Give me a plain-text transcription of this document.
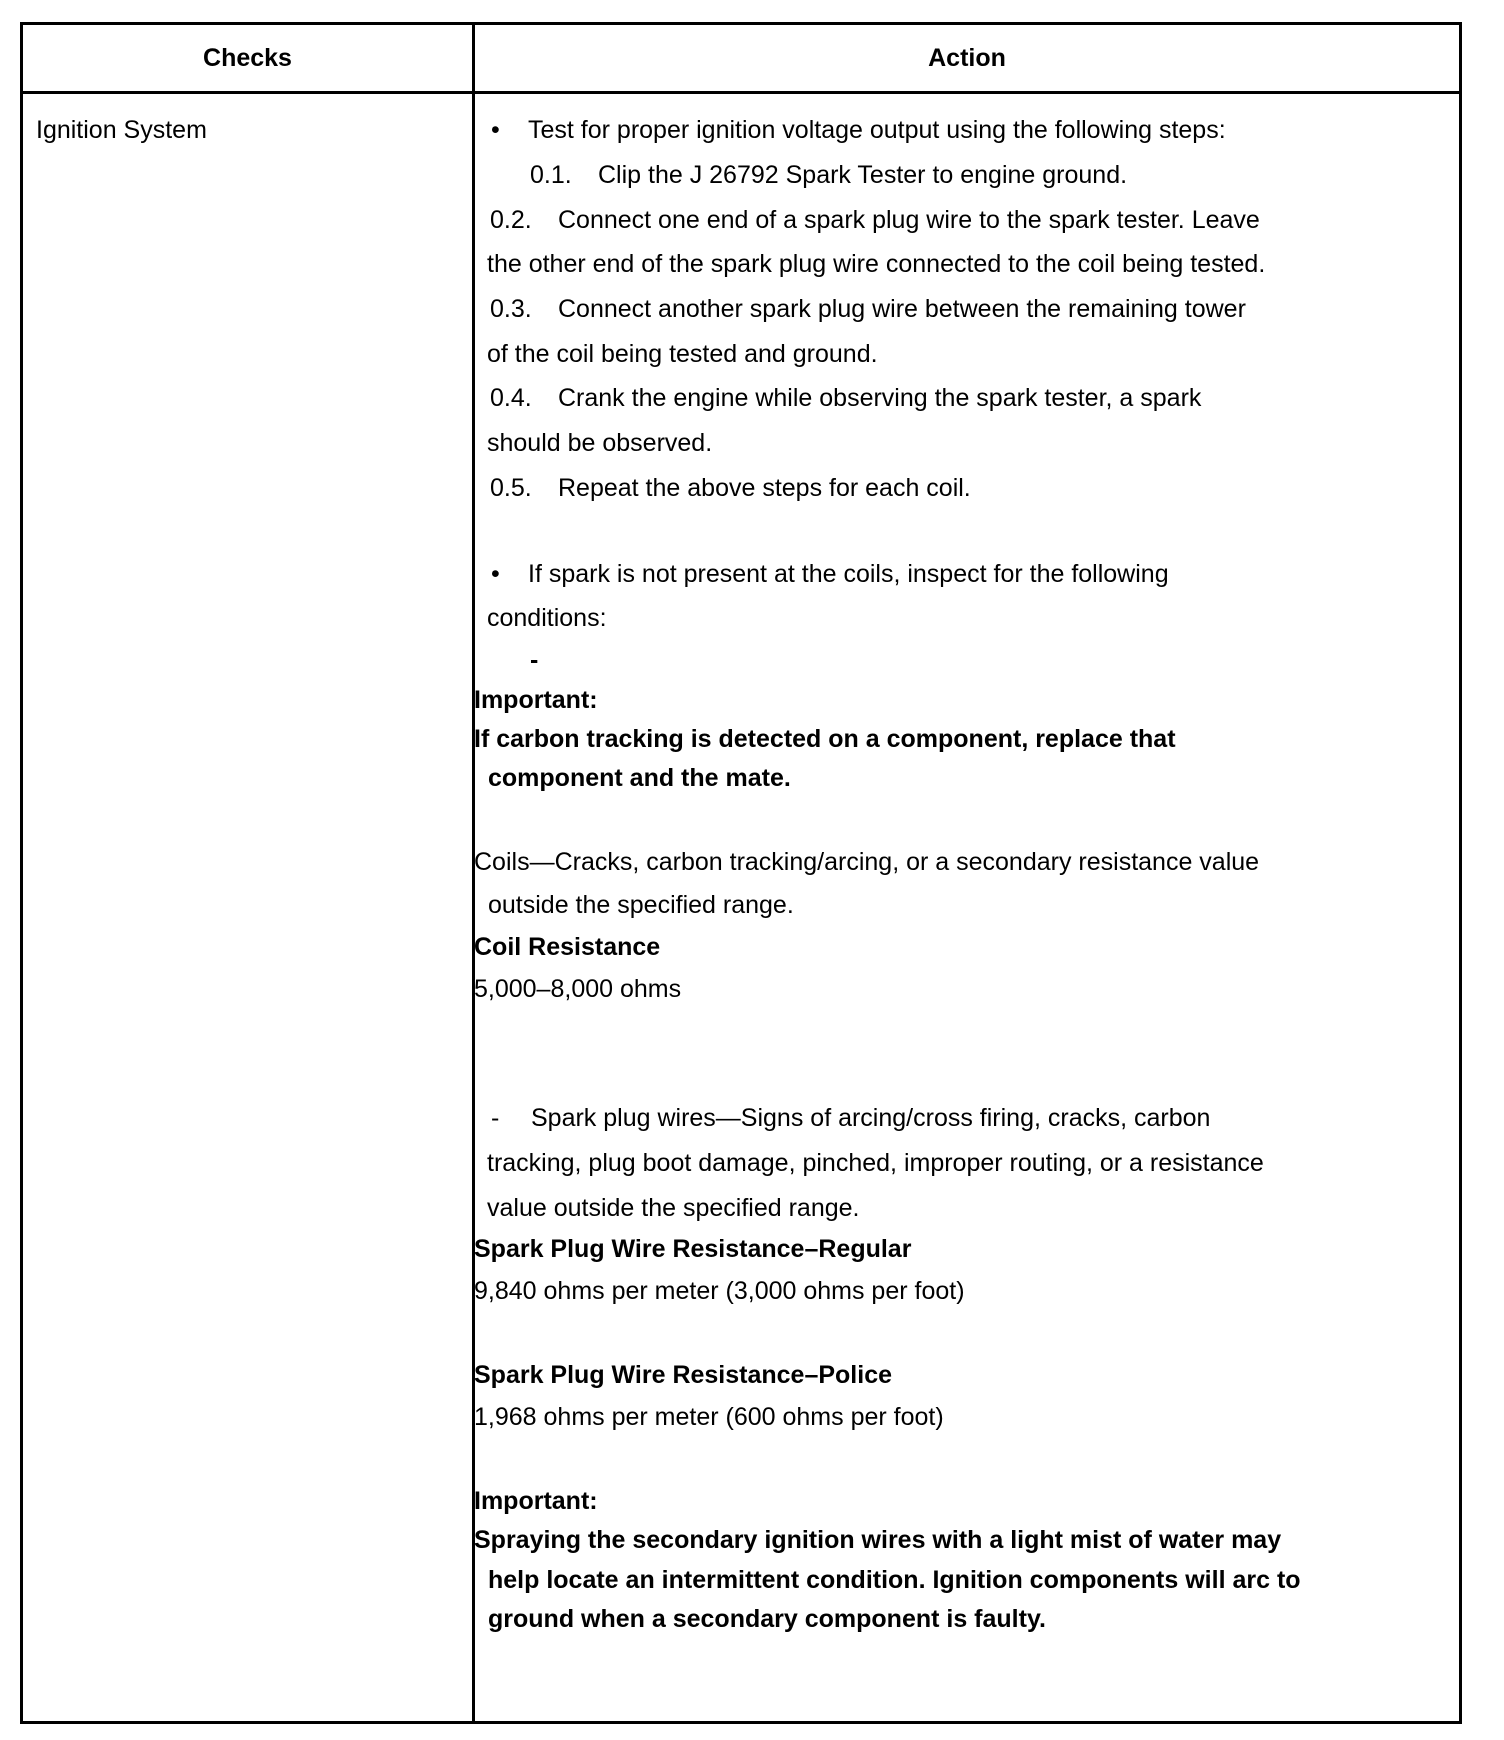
Checks	Action
Ignition System	• Test for proper ignition voltage output using the following steps:
0.1. Clip the J 26792 Spark Tester to engine ground.
0.2. Connect one end of a spark plug wire to the spark tester. Leave
the other end of the spark plug wire connected to the coil being tested.
0.3. Connect another spark plug wire between the remaining tower
of the coil being tested and ground.
0.4. Crank the engine while observing the spark tester, a spark
should be observed.
0.5. Repeat the above steps for each coil.
• If spark is not present at the coils, inspect for the following
conditions:
-
Important:
If carbon tracking is detected on a component, replace that
component and the mate.
Coils—Cracks, carbon tracking/arcing, or a secondary resistance value
outside the specified range.
Coil Resistance
5,000–8,000 ohms
- Spark plug wires—Signs of arcing/cross firing, cracks, carbon
tracking, plug boot damage, pinched, improper routing, or a resistance
value outside the specified range.
Spark Plug Wire Resistance–Regular
9,840 ohms per meter (3,000 ohms per foot)
Spark Plug Wire Resistance–Police
1,968 ohms per meter (600 ohms per foot)
Important:
Spraying the secondary ignition wires with a light mist of water may
help locate an intermittent condition. Ignition components will arc to
ground when a secondary component is faulty.
